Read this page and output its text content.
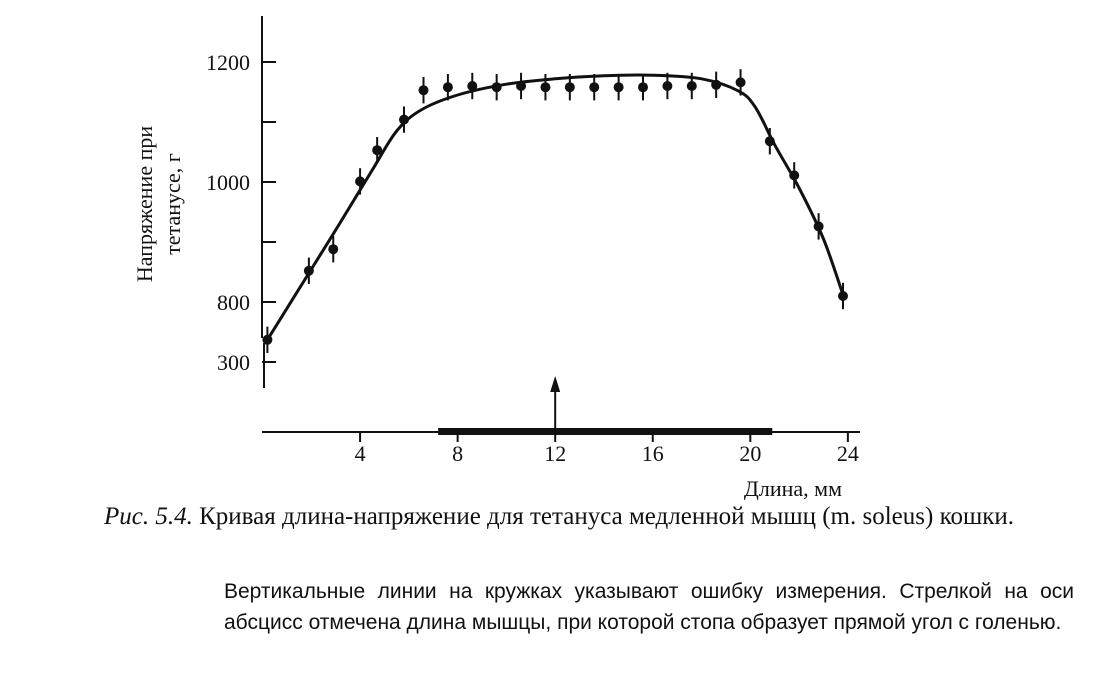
1200
1000
800
300
Напряжение при тетанусе, г
4	8	12	16	20	24
Длина, мм

Рис. 5.4. Кривая длина-напряжение для тетануса медленной мышц (m. soleus) кошки.

Вертикальные линии на кружках указывают ошибку измерения. Стрелкой на оси абсцисс отмечена длина мышцы, при которой стопа образует прямой угол с голенью.
